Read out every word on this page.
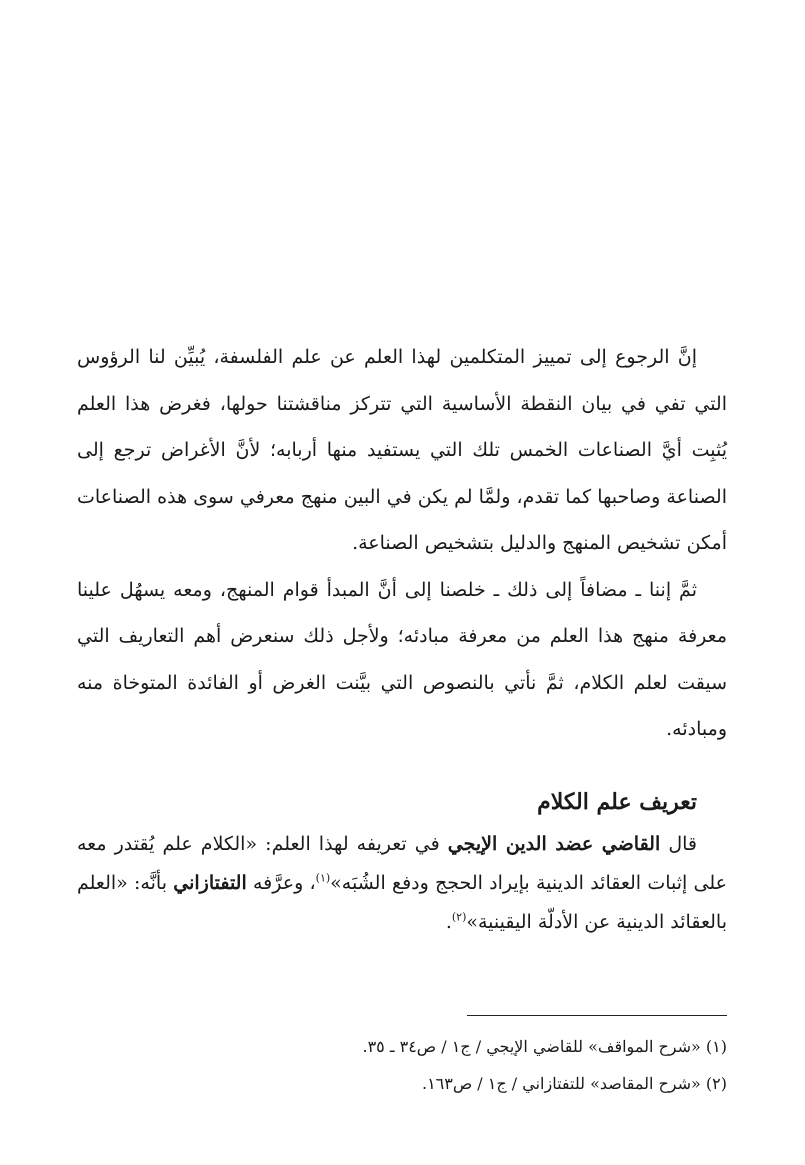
إنَّ الرجوع إلى تمييز المتكلمين لهذا العلم عن علم الفلسفة، يُبيِّن لنا الرؤوس التي تفي في بيان النقطة الأساسية التي تتركز مناقشتنا حولها، فغرض هذا العلم يُثبِت أيَّ الصناعات الخمس تلك التي يستفيد منها أربابه؛ لأنَّ الأغراض ترجع إلى الصناعة وصاحبها كما تقدم، ولمَّا لم يكن في البين منهج معرفي سوى هذه الصناعات أمكن تشخيص المنهج والدليل بتشخيص الصناعة.

ثمَّ إننا ـ مضافاً إلى ذلك ـ خلصنا إلى أنَّ المبدأ قوام المنهج، ومعه يسهُل علينا معرفة منهج هذا العلم من معرفة مبادئه؛ ولأجل ذلك سنعرض أهم التعاريف التي سيقت لعلم الكلام، ثمَّ نأتي بالنصوص التي بيَّنت الغرض أو الفائدة المتوخاة منه ومبادئه.

تعريف علم الكلام

قال القاضي عضد الدين الإيجي في تعريفه لهذا العلم: «الكلام علم يُقتدر معه على إثبات العقائد الدينية بإيراد الحجج ودفع الشُبَه»$^{(١)}$، وعرَّفه التفتازاني بأنَّه: «العلم بالعقائد الدينية عن الأدلّة اليقينية»$^{(٢)}$.

(١) «شرح المواقف» للقاضي الإيجي / ج١ / ص٣٤ ـ ٣٥.

(٢) «شرح المقاصد» للتفتازاني / ج١ / ص١٦٣.
